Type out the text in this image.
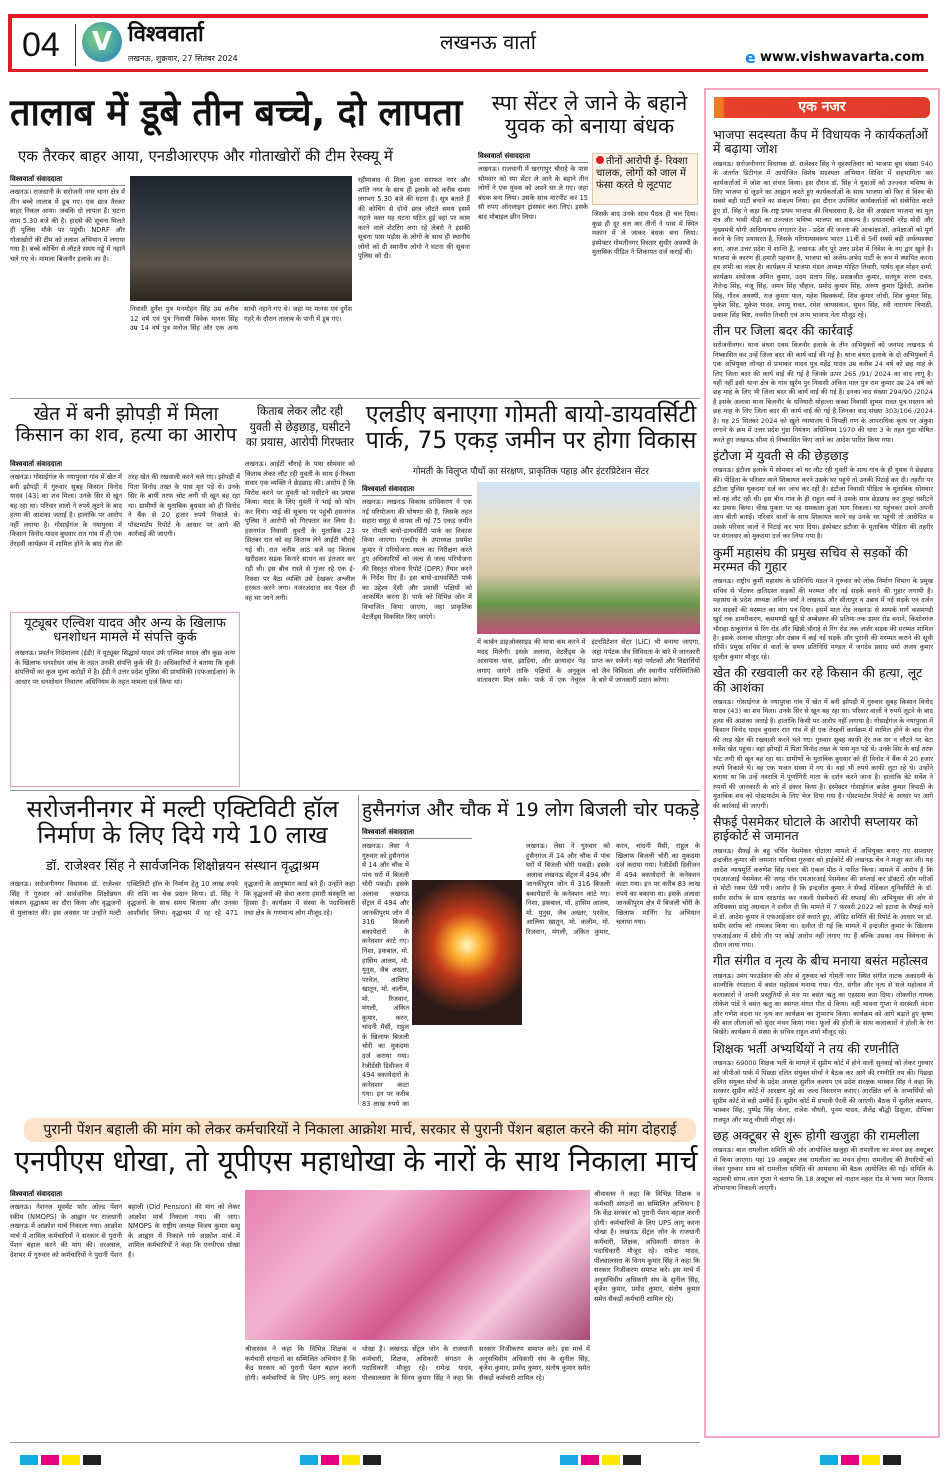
04	V विश्ववार्ता
लखनऊ, शुक्रवार, 27 सितंबर 2024
लखनऊ वार्ता
e www.vishwavarta.com
तालाब में डूबे तीन बच्चे, दो लापता
एक तैरकर बाहर आया, एनडीआरएफ और गोताखोरों की टीम रेस्क्यू में
विश्ववार्ता संवाददाता
लखनऊ। राजधानी के सरोजनी नगर थाना क्षेत्र में तीन बच्चे तालाब में डूब गए। एक छात्र तैरकर बाहर निकल आया। जबकि दो लापता हैं। घटना शाम 5.30 बजे की है। हादसे की सूचना मिलते ही पुलिस मौके पर पहुंची। NDRF और गोताखोरों की टीम को तलाश अभियान में लगाया गया है। बच्चे कोचिंग से लौटते समय गड्ढे में नहाने चले गए थे। मामला बिजनौर इलाके का है।
निवासी दुर्गेश पुत्र मनमोहन सिंह उम्र करीब 12 वर्ष एवं पुत्र निवासी विवेक मानस सिंह उम्र 14 वर्ष पुत्र मनोज सिंह और एक अन्य साथी नहाने गए थे। जहां पर मानस एवं दुर्गेश गहरे के दौरान तालाब के पानी में डूब गए।
रहीमाबाद से मिला हुआ सराफत नगर और शांति नगर के साथ ही इलाके को करीब समय लगभग 5.30 बजे की घटना है। सूत्र बताते हैं की कोचिंग से दोनो छात्र लौटते समय इसमें नहाते वक्त यह घटना घटित हुई वहां पर काम करने वाले शेटरिंग लगा रहे लेबरो ने इसकी सूचना पास पड़ोस के लोगो के साथ ही स्थानीय लोगो को दी स्थानीय लोगो ने घटना की सूचना पुलिस को दी।
स्पा सेंटर ले जाने के बहाने युवक को बनाया बंधक
विश्ववार्ता संवाददाता
लखनऊ। राजधानी में खरगापुर चौराहे के पास सोमवार को स्पा सेंटर ले जाने के बहाने तीन लोगों ने एक युवक को अपने घर ले गए। जहां बंधक बना लिया। उसके साथ मारपीट कर 15 सौ रुपए ऑनलाइन ट्रांसफर करा लिए। इसके बाद मोबाइल छीन लिया।
तीनों आरोपी ई- रिक्शा चालक, लोगों को जाल में फंसा करते थे लूटपाट
जिसके बाद उनके साथ पैदल ही चल दिया। कुछ ही दूर चल कर तीनों ने पास में स्थित मकान में ले जाकर बंधक बना लिया। इंस्पेक्टर गोमतीनगर विस्तार सुधीर अवस्थी के मुताबिक पीड़ित ने शिकायत दर्ज कराई थी।
खेत में बनी झोपड़ी में मिला किसान का शव, हत्या का आरोप
विश्ववार्ता संवाददाता
लखनऊ। गोसाईगंज के नयापुरवा गांव में खेत में बनी झोपड़ी में गुरुवार सुबह किसान विनोद यादव (43) का शव मिला। उनके सिर से खून बह रहा था। परिवार वालो ने रुपये लूटने के बाद हत्या की आशंका जताई है। हालांकि पर आरोप नहीं लगाया है। गोसाईगंज के नयापुरवा में किसान विनोद यादव बुधवार रात गांव में ही एक तेरहवीं कार्यक्रम में शामिल होने के बाद रोज की तरह खेत की रखवाली करने चले गए। झोपड़ी में पिता विनोद तख्त के पास मृत पड़े थे। उनके सिर के बायीं तरफ चोट लगी थी खून बह रहा था। ग्रामीणों के मुताबिक बुधवार को ही विनोद ने बैंक से 20 हजार रुपये निकाले थे। पोस्टमार्टम रिपोर्ट के आधार पर आगे की कार्रवाई की जाएगी।
यूट्यूबर एल्विश यादव और अन्य के खिलाफ धनशोधन मामले में संपत्ति कुर्क
लखनऊ। प्रवर्तन निदेशालय (ईडी) ने यूट्यूबर सिद्धार्थ यादव उर्फ एल्विश यादव और कुछ अन्य के खिलाफ धनशोधन जांच के तहत उनकी संपत्ति कुर्क की है। अधिकारियों ने बताया कि कुर्क संपत्तियों का कुल मूल्य करोड़ों में है। ईडी ने उत्तर प्रदेश पुलिस की प्राथमिकी (एफआईआर) के आधार पर धनशोधन निवारण अधिनियम के तहत मामला दर्ज किया था।
किताब लेकर लौट रही युवती से छेड़छाड़, घसीटने का प्रयास, आरोपी गिरफ्तार
लखनऊ। आईटी चौराहे के पास सोमवार को किताब लेकर लौट रही युवती के साथ ई-रिक्शा सवार एक व्यक्ति ने छेड़छाड़ की। आरोप है कि विरोध करने पर युवती को घसीटने का प्रयास किया। मदद के लिए युवती ने भाई को फोन कर दिया। भाई की सूचना पर पहुंची हसनगंज पुलिस ने आरोपी को गिरफ्तार कर लिया है। हसनगंज निवासी युवती के मुताबिक 23 सितंबर रात को वह किताब लेने आईटी चौराहे गई थी। रात करीब आठ बजे वह किताब खरीदकर सड़क किनारे साधन का इंतजार कर रही थी। इस बीच रास्ते से गुजर रहे एक ई-रिक्शा पर बैठा व्यक्ति उसे देखकर अश्लील हरकत करने लगा। नजरअंदाज कर पैदल ही वह घर जाने लगी।
एलडीए बनाएगा गोमती बायो-डायवर्सिटी पार्क, 75 एकड़ जमीन पर होगा विकास
गोमती के विलुप्त पौधों का संरक्षण, प्राकृतिक पहाड़ और इंटरप्रिटेशन सेंटर
विश्ववार्ता संवाददाता
लखनऊ। लखनऊ विकास प्राधिकरण ने एक नई परियोजना की घोषणा की है, जिसके तहत सहारा समूह से वापस ली गई 75 एकड़ जमीन पर गोमती बायो-डायवर्सिटी पार्क का विकास किया जाएगा। एलडीए के उपाध्यक्ष प्रथमेश कुमार ने परियोजना स्थल का निरीक्षण करते हुए अधिकारियों को जल्द से जल्द परियोजना की विस्तृत योजना रिपोर्ट (DPR) तैयार करने के निर्देश दिए हैं। इस बायो-डायवर्सिटी पार्क का उद्देश्य देसी और प्रवासी पक्षियों को आकर्षित करना है। पार्क को विभिन्न जोन में विभाजित किया जाएगा, जहां प्राकृतिक वेटलैंड्स विकसित किए जाएंगे।
में कार्बन डाइऑक्साइड की मात्रा कम करने में मदद मिलेगी। इसके अलावा, वेटलैंड्स के आसपास घास, झाड़ियां, और छायादार पेड़ लगाए जाएंगे ताकि पक्षियों के अनुकूल वातावरण मिल सके। पार्क में एक नेचुरल इंटरप्रिटेशन सेंटर (LIC) भी बनाया जाएगा, जहां पर्यटक जैव विविधता के बारे में जानकारी प्राप्त कर सकेंगे। यहां पर्यटकों और विद्यार्थियों को जैव विविधता और स्थानीय पारिस्थितिकी के बारे में जानकारी प्रदान करेगा।
सरोजनीनगर में मल्टी एक्टिविटी हॉल निर्माण के लिए दिये गये 10 लाख
डॉ. राजेश्वर सिंह ने सार्वजनिक शिक्षोन्नयन संस्थान वृद्धाश्रम
लखनऊ। सरोजनीनगर विधायक डॉ. राजेश्वर सिंह ने गुरुवार को सार्वजनिक शिक्षोन्नयन संस्थान वृद्धाश्रम का दौरा किया और वृद्धजनों से मुलाकात की। इस अवसर पर उन्होंने मल्टी एक्टिविटी हॉल के निर्माण हेतु 10 लाख रुपये की राशि का चेक प्रदान किया। डॉ. सिंह ने वृद्धजनों के साथ समय बिताया और उनका आशीर्वाद लिया। वृद्धाश्रम में रह रहे 471 वृद्धजनों के आयुष्मान कार्ड बने हैं। उन्होंने कहा कि वृद्धजनों की सेवा करना हमारी संस्कृति का हिस्सा है। कार्यक्रम में संस्था के पदाधिकारी तथा क्षेत्र के गणमान्य लोग मौजूद रहे।
हुसैनगंज और चौक में 19 लोग बिजली चोर पकड़े
विश्ववार्ता संवाददाता
लखनऊ। लेसा ने गुरुवार को हुसैनगंज में 14 और चौक में पांच घरों में बिजली चोरी पकड़ी। इसके अलावा लखनऊ सेंट्रल में 494 और जानकीपुरम जोन में 316 बिजली बकायेदारों के कनेक्शन काटे गए। निशा, इकबाल, मो. हासिम आलम, मो. युनुस, जैब अख्तर, परवेज, आलिया खातून, मो. कलीम, मो. रिजवान, मंगली, अंकित कुमार, करन, चांदनी मैसी, राहुल के खिलाफ बिजली चोरी का मुकदमा दर्ज कराया गया। रेजीडेंसी डिवीजन में 494 बकायेदारों के कनेक्शन काटा गया। इन पर करीब 83 लाख रुपये का
लखनऊ। लेसा ने गुरुवार को हुसैनगंज में 14 और चौक में पांच घरों में बिजली चोरी पकड़ी। इसके अलावा लखनऊ सेंट्रल में 494 और जानकीपुरम जोन में 316 बिजली बकायेदारों के कनेक्शन काटे गए। निशा, इकबाल, मो. हासिम आलम, मो. युनुस, जैब अख्तर, परवेज, आलिया खातून, मो. कलीम, मो. रिजवान, मंगली, अंकित कुमार, करन, चांदनी मैसी, राहुल के खिलाफ बिजली चोरी का मुकदमा दर्ज कराया गया। रेजीडेंसी डिवीजन में 494 बकायेदारों के कनेक्शन काटा गया। इन पर करीब 83 लाख रुपये का बकाया था। इसके अलावा जानकीपुरम क्षेत्र में बिजली चोरी के खिलाफ मार्निंग रेड अभियान चलाया गया।
पुरानी पेंशन बहाली की मांग को लेकर कर्मचारियों ने निकाला आक्रोश मार्च, सरकार से पुरानी पेंशन बहाल करने की मांग दोहराई
एनपीएस धोखा, तो यूपीएस महाधोखा के नारों के साथ निकाला मार्च
विश्ववार्ता संवाददाता
लखनऊ। नेशनल मूवमेंट फॉर ओल्ड पेंशन स्कीम (NMOPS) के आह्वान पर राजधानी लखनऊ में आक्रोश मार्च निकाला गया। आक्रोश मार्च में शामिल कर्मचारियों ने सरकार से पुरानी पेंशन बहाल करने की मांग की। दरअसल, देशभर में गुरुवार को कर्मचारियों ने पुरानी पेंशन बहाली (Old Pension) की मांग को लेकर आक्रोश मार्च निकाला गया। की जाए। NMOPS के राष्ट्रीय अध्यक्ष विजय कुमार बन्धु के आह्वान में निकाले गये आक्रोश मार्च में शामिल कर्मचारियों ने कहा कि एनपीएस धोखा है।
श्रीवास्तव ने कहा कि विभिन्न शिक्षक व कर्मचारी संगठनों का सम्मिलित अभियान है कि केंद्र सरकार को पुरानी पेंशन बहाल करनी होगी। कर्मचारियों के लिए UPS लागू करना धोखा है। लखनऊ सेंट्रल जोन के राजधानी कर्मचारी, शिक्षक, अधिकारी संगठन के पदाधिकारी मौजूद रहे। रामेन्द्र यादव, पीलवालसरा के विनय कुमार सिंह ने कहा कि सरकार निजीकरण समाप्त करे। इस मार्च में अनुसचिवीय अधिकारी संघ के सुनील सिंह, बृजेश कुमार, प्रमोद कुमार, संतोष कुमार समेत सैकड़ों कर्मचारी शामिल रहे।
श्रीवास्तव ने कहा कि विभिन्न शिक्षक व कर्मचारी संगठनों का सम्मिलित अभियान है कि केंद्र सरकार को पुरानी पेंशन बहाल करनी होगी। कर्मचारियों के लिए UPS लागू करना धोखा है। लखनऊ सेंट्रल जोन के राजधानी कर्मचारी, शिक्षक, अधिकारी संगठन के पदाधिकारी मौजूद रहे। रामेन्द्र यादव, पीलवालसरा के विनय कुमार सिंह ने कहा कि सरकार निजीकरण समाप्त करे। इस मार्च में अनुसचिवीय अधिकारी संघ के सुनील सिंह, बृजेश कुमार, प्रमोद कुमार, संतोष कुमार समेत सैकड़ों कर्मचारी शामिल रहे।
एक नजर
भाजपा सदस्यता कैंप में विधायक ने कार्यकर्ताओं में बढ़ाया जोश
लखनऊ। सरोजनीनगर विधायक डॉ. राजेश्वर सिंह ने वृहस्पतिवार को भाजपा बूथ संख्या 540 के अंतर्गत डिटीगंज में आयोजित विशेष सदस्यता अभियान शिविर में सहभागिता कर कार्यकर्ताओं में जोश का संचार किया। इस दौरान डॉ. सिंह ने युवाओं को उज्ज्वल भविष्य के लिए भाजपा से जुड़ने का आह्वान करते हुए कार्यकर्ताओं के साथ भाजपा को फिर से विश्व की सबसे बड़ी पार्टी बनाने का संकल्प लिया। इस दौरान उपस्थित कार्यकर्ताओं को संबोधित करते हुए डॉ. सिंह ने कहा कि राष्ट्र प्रथम भाजपा की विचारधारा है, देश की अखंडता भाजपा का मूल मंत्र और भावी पीढ़ी का उज्ज्वल भविष्य भाजपा का संकल्प है। प्रधानमंत्री नरेंद्र मोदी और मुख्यमंत्री योगी आदित्यनाथ लगातार देश - प्रदेश की जनता की आकांक्षाओं, अपेक्षाओं को पूर्ण करने के लिए प्रयासरत है, जिसके परिणामस्वरूप भारत 11वीं से 5वीं सबसे बड़ी अर्थव्यवस्था बना, आज उत्तर प्रदेश में शान्ति है, लखनऊ और पूरे उत्तर प्रदेश में निवेश के नए द्वार खुले हैं। भाजपा के कारण ही हमारी पहचान है, भाजपा को अजेय-अभेद पार्टी के रूप में स्थापित करना हम सभी का लक्ष्य है। कार्यक्रम में भाजपा मंडल अध्यक्ष मोहित तिवारी, पार्षद बृज मोहन शर्मा, कार्यक्रम संयोजक अमित कुमार, उदय प्रताप सिंह, प्रसन्नजीत कुमार, सतगुरु शरण रावत, शैलेन्द्र सिंह, मंजू सिंह, अमन सिंह चौहान, प्रमोद कुमार सिंह, अरुण कुमार द्विवेदी, अशोक सिंह, गौरव अवस्थी, राज कुमार पाल, महेश विश्वकर्मा, शिव कुमार लोधी, शिव कुमार सिंह, मुकेश सिंह, मुकेश यादव, श्यामू रावत, रमेश जायसवाल, सुमन सिंह, रवी नारायण त्रिपाठी, प्रकाश सिंह बिष्ट, नवनीत तिवारी एवं अन्य भाजपा नेता मौजूद रहे।
तीन पर जिला बदर की कार्रवाई
सरोजनीनगर। थाना बंथरा एवम बिजनौर इलाके के तीन अभियुक्तों को जनपद लखनऊ से निष्कासित कर उन्हें जिला बदर की कार्य वाई की गई है। थाना बंथरा इलाके के दो अभियुक्तों में एक अभियुक्त लोनहा से प्रभाकर यादव पुत्र महेंद्र यादव उम्र करीब 24 वर्ष को छह माह के लिए जिला बदर की कार्य वाई की गई है जिनके ऊपर 265 /91/ 2024 का वाद लागू है। यही नहीं इसी थाना क्षेत्र के गांव खुर्रम पुर निवासी अंकित पाल पुत्र राम कुमार उम्र 24 वर्ष को छह माह के लिए भी जिला बदर की कार्य वाई की गई है। इनका वाद संख्या 294/90 /2024 है इसके अलावा थाना बिजनौर के धनियारी मोहल्ला कस्बा निवासी शुभम रावत पुत्र मस्तान को छह माह के लिए जिला बदर की कार्य वाई की गई है जिनका वाद संख्या 303/106 /2024 है। यह 25 सितंबर 2024 को खुले न्यायालय में विपक्षी गण के आपराधिक कृत्य पर अंकुश लगाने के क्रम में उत्तर प्रदेश गुंडा नियंत्रण अधिनियम 1970 की धारा 3 के तहत गुंडा घोषित करते हुए लखनऊ सीमा से निष्कासित किए जाने का आदेश पारित किया गया।
इंटौजा में युवती से की छेड़छाड़
लखनऊ। इंटौजा इलाके में सोमवार को घर लौट रही युवती के साथ गांव के ही युवक ने छेड़छाड़ की। पीड़िता के परिवार वाले शिकायत करने उसके घर पहुंचे तो उनकी पिटाई कर दी। तहरीर पर इंटौजा पुलिस मुकदमा दर्ज कर जांच कर रही है। इंटौजा निवासी पीड़िता के मुताबिक सोमवार को वह लौट रही थी। इस बीच गांव के ही राहुल वर्मा ने उसके साथ छेड़छाड़ कर दुपट्टा घसीटने का प्रयास किया। चीख पुकार पर वह धमकाता हुआ भाग निकला। घर पहुंचकर उसने अपनी आप बीती बताई। परिवार वालों के साथ शिकायत करने वह उनके घर पहुंची तो आरोपित व उसके परिवार वालों ने पिटाई कर भगा दिया। इंस्पेक्टर इंटौजा के मुताबिक पीड़िता की तहरीर पर मंगलवार को मुकदमा दर्ज कर लिया गया है।
कुर्मी महासंघ की प्रमुख सचिव से सड़कों की मरम्मत की गुहार
लखनऊ। राष्ट्रीय कुर्मी महासंघ के प्रतिनिधि मंडल ने गुरुवार को लोक निर्माण विभाग के प्रमुख सचिव से भेंटकर क्षतिग्रस्त सड़कों की मरम्मत और नई सड़कें बनाने की गुहार लगायी है। महासंघ के प्रदेश अध्यक्ष अनिल वर्मा ने लखनऊ और सीतापुर व उन्नाव में नई सड़कें एवं दर्जन भर सड़कों की मरम्मत का मांग पत्र दिया। इसमें माल रोड लखनऊ से सम्पर्क मार्ग कसमण्डी खुर्द तक डामरीकरण, कसमण्डी खुर्द से अम्बेडकर की प्रतिमा तक डामर रोड बनाने, किशोरगंज चौराहा ठाकुरगंज से रिंग रोड और खिन्नी चौराहे से रिंग रोड तक जर्जर सड़क की मरम्मत शामिल है। इसके अलावा सीतापुर और उन्नाव में कई नई सड़कें और पुरानी की मरम्मत कराने की सूची सौंपी। प्रमुख सचिव से वार्ता के समय प्रतिनिधि मण्डल में जगदेव प्रसाद वर्मा अजय कुमार सुजीत कुमार मौजूद रहे।
खेत की रखवाली कर रहे किसान की हत्या, लूट की आशंका
लखनऊ। गोसाईगंज के नयापुरवा गांव में खेत में बनी झोपड़ी में गुरुवार सुबह किसान विनोद यादव (43) का शव मिला। उनके सिर से खून बह रहा था। परिवार वालों ने रुपये लूटने के बाद हत्या की आशंका जताई है। हालांकि किसी पर आरोप नहीं लगाया है। गोसाईगंज के नयापुरवा में किसान विनोद यादव बुधवार रात गांव में ही एक तेरहवीं कार्यक्रम में शामिल होने के बाद रोज की तरह खेत की रखवाली करने चले गए। गुरुवार सुबह काफी देर तक घर न लौटने पर बेटा सर्वेश खेत पहुंचा। वहां झोपड़ी में पिता विनोद तख्त के पास मृत पड़े थे। उनके सिर के बाईं तरफ चोट लगी थी खून बह रहा था। ग्रामीणों के मुताबिक बुधवार को ही विनोद ने बैंक से 20 हजार रुपये निकाले थे। वह एक भजन संध्या में गए थे। वहां भी रुपये काफी लुटा रहे थे। उन्होंने बताया था कि उन्हें नवरात्रि में पूर्णागिरी माता के दर्शन करने जाना है। हालांकि बेटे सर्वेश ने रुपयों की जानकारी के बारे में इंकार किया है। इंस्पेक्टर गोसाईगंज ब्रजेश कुमार त्रिपाठी के मुताबिक शव को पोस्टमार्टम के लिए भेज दिया गया है। पोस्टमार्टम रिपोर्ट के आधार पर आगे की कार्रवाई की जाएगी।
सैफई पेसमेकर घोटाले के आरोपी सप्लायर को हाईकोर्ट से जमानत
लखनऊ। सैफई के बहु चर्चित पेसमेकर घोटाला मामले में अभियुक्त बनाए गए सप्लायर इन्द्रजीत कुमार की जमानत याचिका गुरुवार को हाईकोर्ट की लखनऊ बेंच ने मंजूर कर ली। यह आदेश न्यायमूर्ति करुणेश सिंह पवार की एकल पीठ ने पारित किया। मामले में आरोप है कि एमआरआई पेसमेकर की जगह नॉन एमआरआई पेसमेकर की सप्लाई कर डॉक्टरों और मरीजों से मोटी रकम ऐंठी गयी। आरोप है कि इन्द्रजीत कुमार ने सैफई मेडिकल यूनिवर्सिटी के डॉ. समीर सर्राफ के साथ साठगांठ कर नकली पेसमेकरों की सप्लाई की। अभियुक्त की ओर से अधिवक्ता प्रांशु अग्रवाल ने दलील दी कि मामले में 7 फरवरी 2022 को इटावा के सैफई थाने में डॉ. आदेश कुमार ने एफआईआर दर्ज कराते हुए, ऑडिट समिति की रिपोर्ट के आधार पर डॉ. समीर सर्राफ को नामजद किया था। दलील दी गई कि मामले में इन्द्रजीत कुमार के खिलाफ एफआईआर में सीधे तौर पर कोई आरोप नहीं लगाए गए हैं बल्कि उसका नाम विवेचना के दौरान लाया गया।
गीत संगीत व नृत्य के बीच मनाया बसंत महोत्सव
लखनऊ। उमंग फाउंडेशन की ओर से गुरुवार को गोमती नगर स्थित संगीत नाटक अकादमी के वाल्मीकि रंगशाला में बसंत महोत्सव मनाया गया। गीत, संगीत और नृत्य से सजे महोत्सव में कलाकारों ने अपनी प्रस्तुतियों से मंच पर बसंत ऋतु का एहसास करा दिया। लोकगीत गायक लोकेश पांडे ने बसंत ऋतु का स्वागत मंगल गीत से किया। वहीं भावना गुप्ता ने सरस्वती वंदना और गणेश वंदना पर नृत्य कर कार्यक्रम का शुभारंभ किया। कार्यक्रम को आगे बढ़ाते हुए कृष्ण की बाल लीलाओं को सुंदर मंचन किया गया। फूलों की होली के साथ कलाकारों ने होली के रंग बिखेरे। कार्यक्रम में संस्था के सचिव राहुल शर्मा मौजूद रहे।
शिक्षक भर्ती अभ्यर्थियों ने तय की रणनीति
लखनऊ। 69000 शिक्षक भर्ती के मामले में सुप्रीम कोर्ट में होने वाली सुनवाई को लेकर गुरुवार को जीपीओ पार्क में पिछड़ा दलित संयुक्त मोर्चा ने बैठक कर आगे की रणनीति तय की। पिछड़ा दलित संयुक्त मोर्चा के प्रदेश अध्यक्ष सुशील कश्यप एवं प्रदेश संरक्षक भास्कर सिंह ने कहा कि सरकार सुप्रीम कोर्ट में आरक्षण मुद्दे का जल्द निस्तारण कराए। आरक्षित वर्ग के अभ्यर्थियों को सुप्रीम कोर्ट से बड़ी उम्मीदें हैं। सुप्रीम कोर्ट में प्रभावी पैरवी की जाएगी। बैठक में सुशील कश्यप, भास्कर सिंह, पुष्पेंद्र सिंह जेलर, राजेश चौधरी, पूनम यादव, शैलेंद्र बौद्धी डिसूजा, दीपिका राजपूत और मातू चौधरी मौजूद रहे।
छह अक्टूबर से शुरू होगी खजुहा की रामलीला
लखनऊ। बाल रामलीला समिति की ओर आयोजित खजुहा की रामलीला का मंचन छह अक्टूबर से किया जाएगा। यहां 19 अक्टूबर तक रामलीला का मंचन होगा। रामलीला की तैयारियों को लेकर गुरुवार शाम को रामलीला समिति की आमसभा की बैठक आयोजित की गई। समिति के महामंत्री संगम लाल गुप्ता ने बताया कि 18 अक्टूबर को नादान महल रोड से भव्य भरत मिलाप शोभायात्रा निकाली जाएगी।
